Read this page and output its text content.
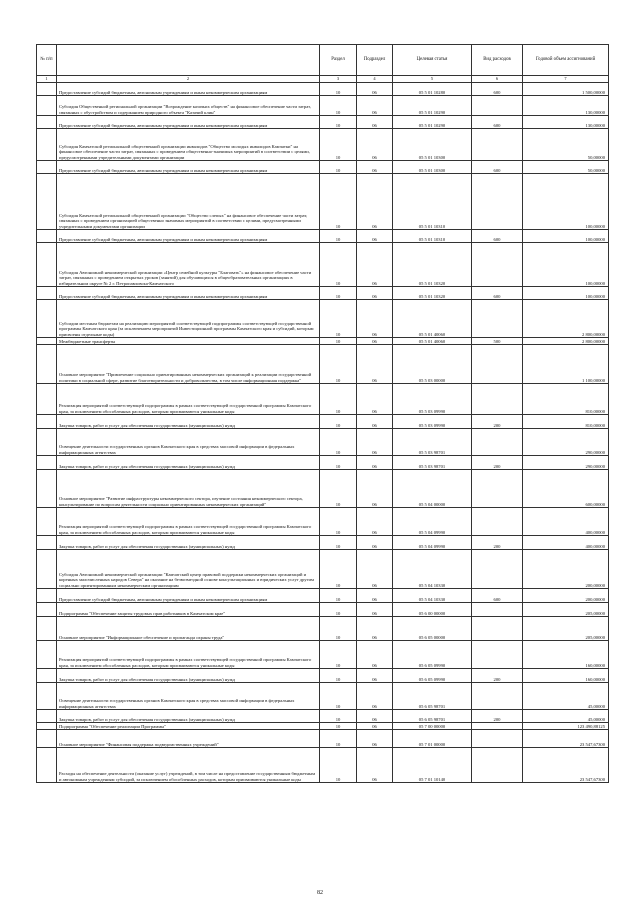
№ п/п		Раздел	Подраздел	Целевая статья	Вид расходов	Годовой объем ассигнований
1	2	3	4	5	6	7
	Предоставление субсидий бюджетным, автономным учреждениям и иным некоммерческим организациям	10	06	05 5 01 10280	600	1 500,00000
	Субсидия Общественной региональной организации "Возрождение казачьих обществ" на финансовое обеспечение части затрат, связанных с обустройством и содержанием природного объекта "Казачий клин"	10	06	05 5 01 10290		130,00000
	Предоставление субсидий бюджетным, автономным учреждениям и иным некоммерческим организациям	10	06	05 5 01 10290	600	130,00000
	Субсидия Камчатской региональной общественной организации инвалидов "Общество молодых инвалидов Камчатки" на финансовое обеспечение части затрат, связанных с проведением общественно-значимых мероприятий в соответствии с целями, предусмотренными учредительными документами организации	10	06	05 5 01 10300		50,00000
	Предоставление субсидий бюджетным, автономным учреждениям и иным некоммерческим организациям	10	06	05 5 01 10300	600	50,00000
	Субсидия Камчатской региональной общественной организации "Общество слепых" на финансовое обеспечение части затрат, связанных с проведением организацией общественно значимых мероприятий в соответствии с целями, предусмотренными учредительными документами организации	10	06	05 5 01 10310		100,00000
	Предоставление субсидий бюджетным, автономным учреждениям и иным некоммерческим организациям	10	06	05 5 01 10310	600	100,00000
	Субсидия Автономной некоммерческой организации «Центр семейной культуры "Благовать"» на финансовое обеспечение части затрат, связанных с проведением открытых уроков (занятий) для обучающихся в общеобразовательных организациях в избирательном округе № 2 г. Петропавловска-Камчатского	10	06	05 5 01 10320		100,00000
	Предоставление субсидий бюджетным, автономным учреждениям и иным некоммерческим организациям	10	06	05 5 01 10320	600	100,00000
	Субсидии местным бюджетам на реализацию мероприятий соответствующей подпрограммы соответствующей государственной программы Камчатского края (за исключением мероприятий Инвестиционной программы Камчатского края и субсидий, которым присвоены отдельные коды)	10	06	05 5 01 40060		2 800,00000
	Межбюджетные трансферты	10	06	05 5 01 40060	500	2 800,00000
	Основное мероприятие "Привлечение социально ориентированных некоммерческих организаций к реализации государственной политики в социальной сфере, развитие благотворительности и добровольчества, в том числе информационная поддержка"	10	06	05 5 03 00000		1 100,00000
	Реализация мероприятий соответствующей подпрограммы в рамках соответствующей государственной программы Камчатского края, за исключением обособленных расходов, которым присваиваются уникальные коды	10	06	05 5 03 09990		810,00000
	Закупка товаров, работ и услуг для обеспечения государственных (муниципальных) нужд	10	06	05 5 03 09990	200	810,00000
	Освещение деятельности государственных органов Камчатского края в средствах массовой информации в федеральных информационных агентствах	10	06	05 5 03 98701		290,00000
	Закупка товаров, работ и услуг для обеспечения государственных (муниципальных) нужд	10	06	05 5 03 98701	200	290,00000
	Основное мероприятие "Развитие инфраструктуры некоммерческого сектора, изучение состояния некоммерческого сектора, консультирование по вопросам деятельности социально ориентированных некоммерческих организаций"	10	06	05 5 04 00000		600,00000
	Реализация мероприятий соответствующей подпрограммы в рамках соответствующей государственной программы Камчатского края, за исключением обособленных расходов, которым присваиваются уникальные коды	10	06	05 5 04 09990		400,00000
	Закупка товаров, работ и услуг для обеспечения государственных (муниципальных) нужд	10	06	05 5 04 09990	200	400,00000
	Субсидия Автономной некоммерческой организации "Камчатский центр правовой поддержки некоммерческих организаций и коренных малочисленных народов Севера" на оказание на безвозмездной основе консультационных и юридических услуг другим социально ориентированным некоммерческим организациям	10	06	05 5 04 10330		200,00000
	Предоставление субсидий бюджетным, автономным учреждениям и иным некоммерческим организациям	10	06	05 5 04 10330	600	200,00000
	Подпрограмма "Обеспечение защиты трудовых прав работников в Камчатском крае"	10	06	05 6 00 00000		205,00000
	Основное мероприятие "Информационное обеспечение и пропаганда охраны труда"	10	06	05 6 05 00000		205,00000
	Реализация мероприятий соответствующей подпрограммы в рамках соответствующей государственной программы Камчатского края, за исключением обособленных расходов, которым присваиваются уникальные коды	10	06	05 6 05 09990		160,00000
	Закупка товаров, работ и услуг для обеспечения государственных (муниципальных) нужд	10	06	05 6 05 09990	200	160,00000
	Освещение деятельности государственных органов Камчатского края в средствах массовой информации в федеральных информационных агентствах	10	06	05 6 05 98701		45,00000
	Закупка товаров, работ и услуг для обеспечения государственных (муниципальных) нужд	10	06	05 6 05 98701	200	45,00000
	Подпрограмма "Обеспечение реализации Программы"	10	06	05 7 00 00000		123 490,88125
	Основное мероприятие "Финансовая поддержка подведомственных учреждений"	10	06	05 7 01 00000		23 547,67300
	Расходы на обеспечение деятельности (оказание услуг) учреждений, в том числе на предоставление государственным бюджетным и автономным учреждениям субсидий, за исключением обособленных расходов, которым присваиваются уникальные коды	10	06	05 7 01 10140		23 547,67300
82
